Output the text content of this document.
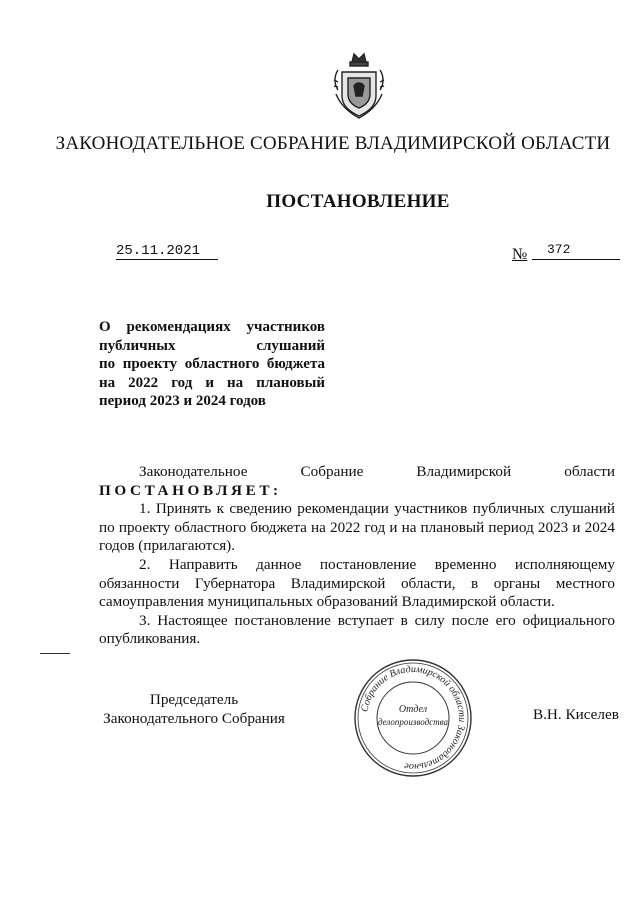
ЗАКОНОДАТЕЛЬНОЕ СОБРАНИЕ ВЛАДИМИРСКОЙ ОБЛАСТИ
ПОСТАНОВЛЕНИЕ
25.11.2021	№	372
О рекомендациях участников
публичных слушаний
по проекту областного бюджета
на 2022 год и на плановый
период 2023 и 2024 годов

Законодательное Собрание Владимирской области

ПОСТАНОВЛЯЕТ:

1. Принять к сведению рекомендации участников публичных слушаний по проекту областного бюджета на 2022 год и на плановый период 2023 и 2024 годов (прилагаются).

2. Направить данное постановление временно исполняющему обязанности Губернатора Владимирской области, в органы местного самоуправления муниципальных образований Владимирской области.

3. Настоящее постановление вступает в силу после его официального опубликования.

Председатель
Законодательного Собрания
Собрание Владимирской области Законодательное
Отдел
делопроизводства	В.Н. Киселев
